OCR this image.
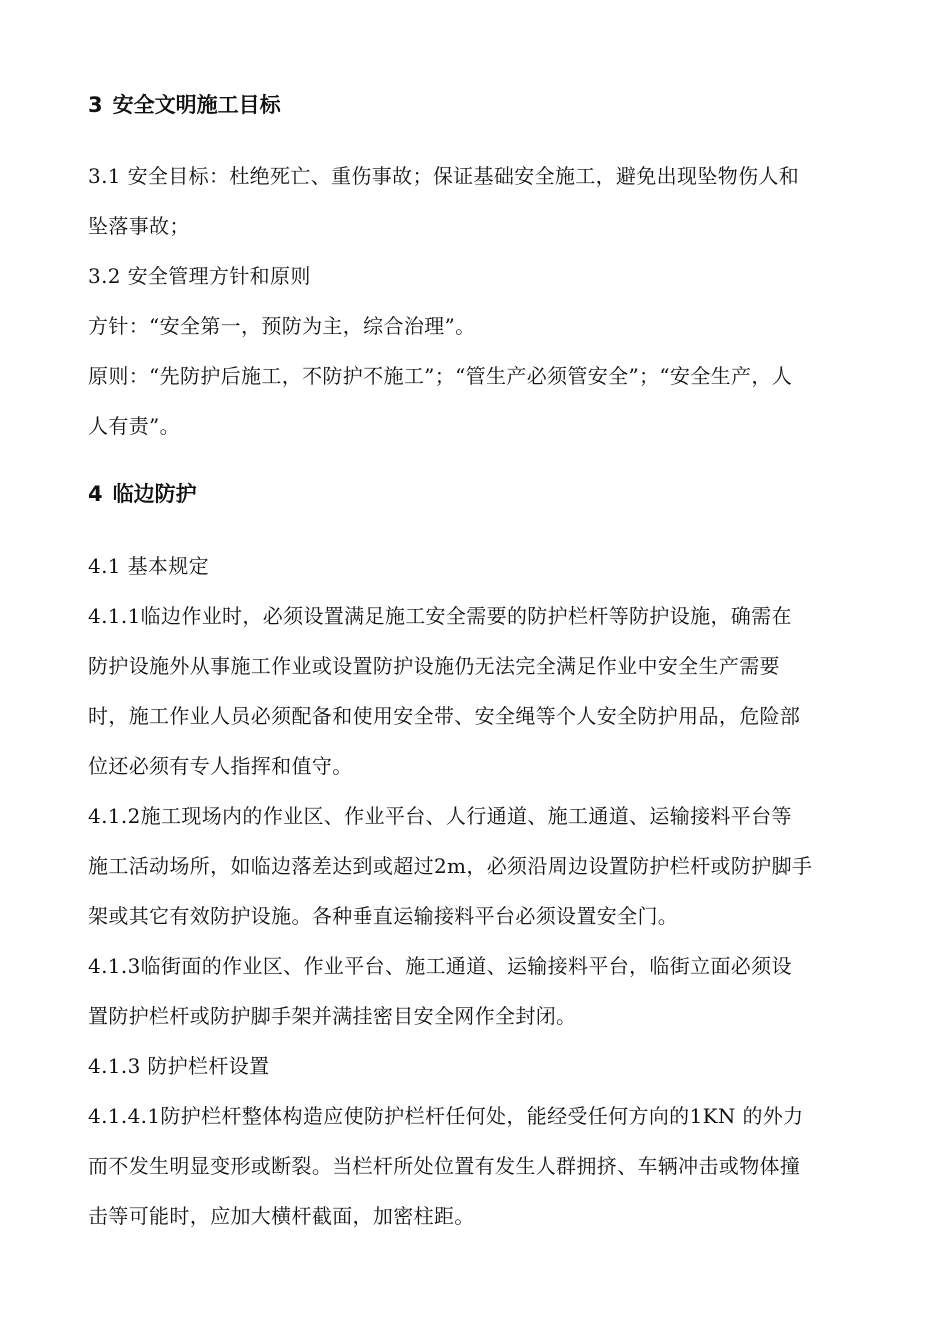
3 安全文明施工目标
3.1 安全目标：杜绝死亡、重伤事故；保证基础安全施工，避免出现坠物伤人和
坠落事故；
3.2 安全管理方针和原则
方针：“安全第一，预防为主，综合治理”。
原则：“先防护后施工，不防护不施工”；“管生产必须管安全”；“安全生产，人
人有责”。
4 临边防护
4.1 基本规定
4.1.1临边作业时，必须设置满足施工安全需要的防护栏杆等防护设施，确需在
防护设施外从事施工作业或设置防护设施仍无法完全满足作业中安全生产需要
时，施工作业人员必须配备和使用安全带、安全绳等个人安全防护用品，危险部
位还必须有专人指挥和值守。
4.1.2施工现场内的作业区、作业平台、人行通道、施工通道、运输接料平台等
施工活动场所，如临边落差达到或超过2m，必须沿周边设置防护栏杆或防护脚手
架或其它有效防护设施。各种垂直运输接料平台必须设置安全门。
4.1.3临街面的作业区、作业平台、施工通道、运输接料平台，临街立面必须设
置防护栏杆或防护脚手架并满挂密目安全网作全封闭。
4.1.3 防护栏杆设置
4.1.4.1防护栏杆整体构造应使防护栏杆任何处，能经受任何方向的1KN 的外力
而不发生明显变形或断裂。当栏杆所处位置有发生人群拥挤、车辆冲击或物体撞
击等可能时，应加大横杆截面，加密柱距。
